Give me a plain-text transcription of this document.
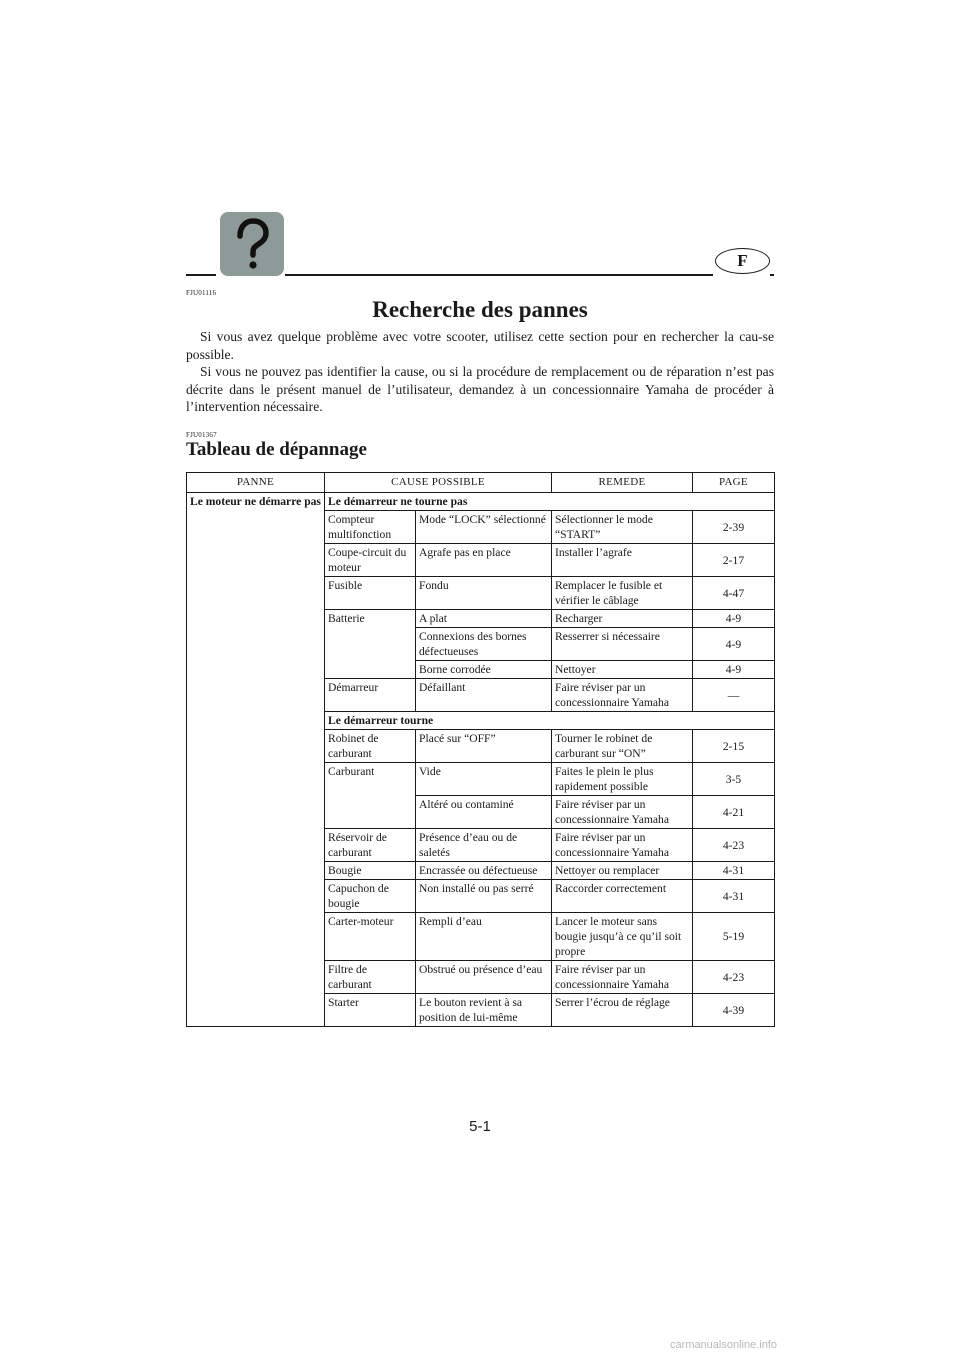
F
FJU01116
Recherche des pannes

Si vous avez quelque problème avec votre scooter, utilisez cette section pour en rechercher la cau-se possible.

Si vous ne pouvez pas identifier la cause, ou si la procédure de remplacement ou de réparation n’est pas décrite dans le présent manuel de l’utilisateur, demandez à un concessionnaire Yamaha de procéder à l’intervention nécessaire.

FJU01367
Tableau de dépannage
PANNE	CAUSE POSSIBLE		REMEDE	PAGE
Le moteur ne démarre pas	Le démarreur ne tourne pas			
	Compteur multifonction	Mode “LOCK” sélectionné	Sélectionner le mode “START”	2-39
	Coupe-circuit du moteur	Agrafe pas en place	Installer l’agrafe	2-17
	Fusible	Fondu	Remplacer le fusible et vérifier le câblage	4-47
	Batterie	A plat	Recharger	4-9
		Connexions des bornes défectueuses	Resserrer si nécessaire	4-9
		Borne corrodée	Nettoyer	4-9
	Démarreur	Défaillant	Faire réviser par un concessionnaire Yamaha	—
	Le démarreur tourne			
	Robinet de carburant	Placé sur “OFF”	Tourner le robinet de carburant sur “ON”	2-15
	Carburant	Vide	Faites le plein le plus rapidement possible	3-5
		Altéré ou contaminé	Faire réviser par un concessionnaire Yamaha	4-21
	Réservoir de carburant	Présence d’eau ou de saletés	Faire réviser par un concessionnaire Yamaha	4-23
	Bougie	Encrassée ou défectueuse	Nettoyer ou remplacer	4-31
	Capuchon de bougie	Non installé ou pas serré	Raccorder correctement	4-31
	Carter-moteur	Rempli d’eau	Lancer le moteur sans bougie jusqu’à ce qu’il soit propre	5-19
	Filtre de carburant	Obstrué ou présence d’eau	Faire réviser par un concessionnaire Yamaha	4-23
	Starter	Le bouton revient à sa position de lui-même	Serrer l’écrou de réglage	4-39
5-1
carmanualsonline.info
